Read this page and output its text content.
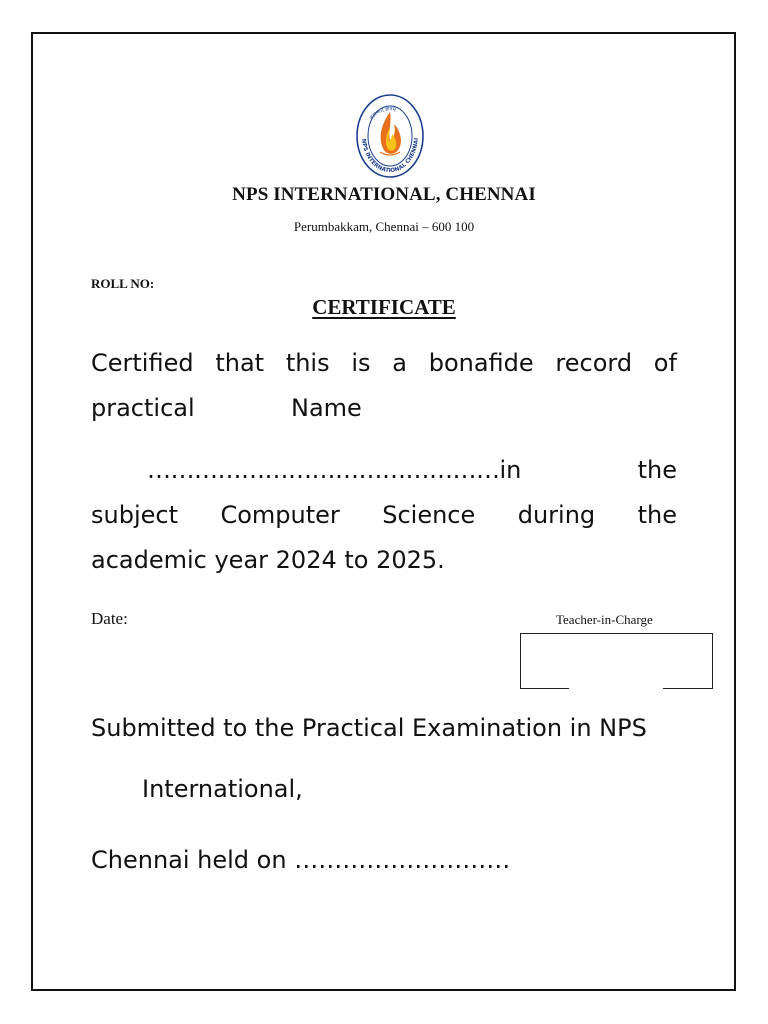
NPS INTERNATIONAL CHENNAI
अज्ञानात् ज्ञानम्
NPS INTERNATIONAL, CHENNAI
Perumbakkam, Chennai – 600 100
ROLL NO:
CERTIFICATE
Certified that this is a bonafide record of
practical	Name
……………………………………… in	the
subject Computer Science during the
academic year 2024 to 2025.
Date:	Teacher-in-Charge
Submitted to the Practical Examination in NPS
International,
Chennai held on ………………………
